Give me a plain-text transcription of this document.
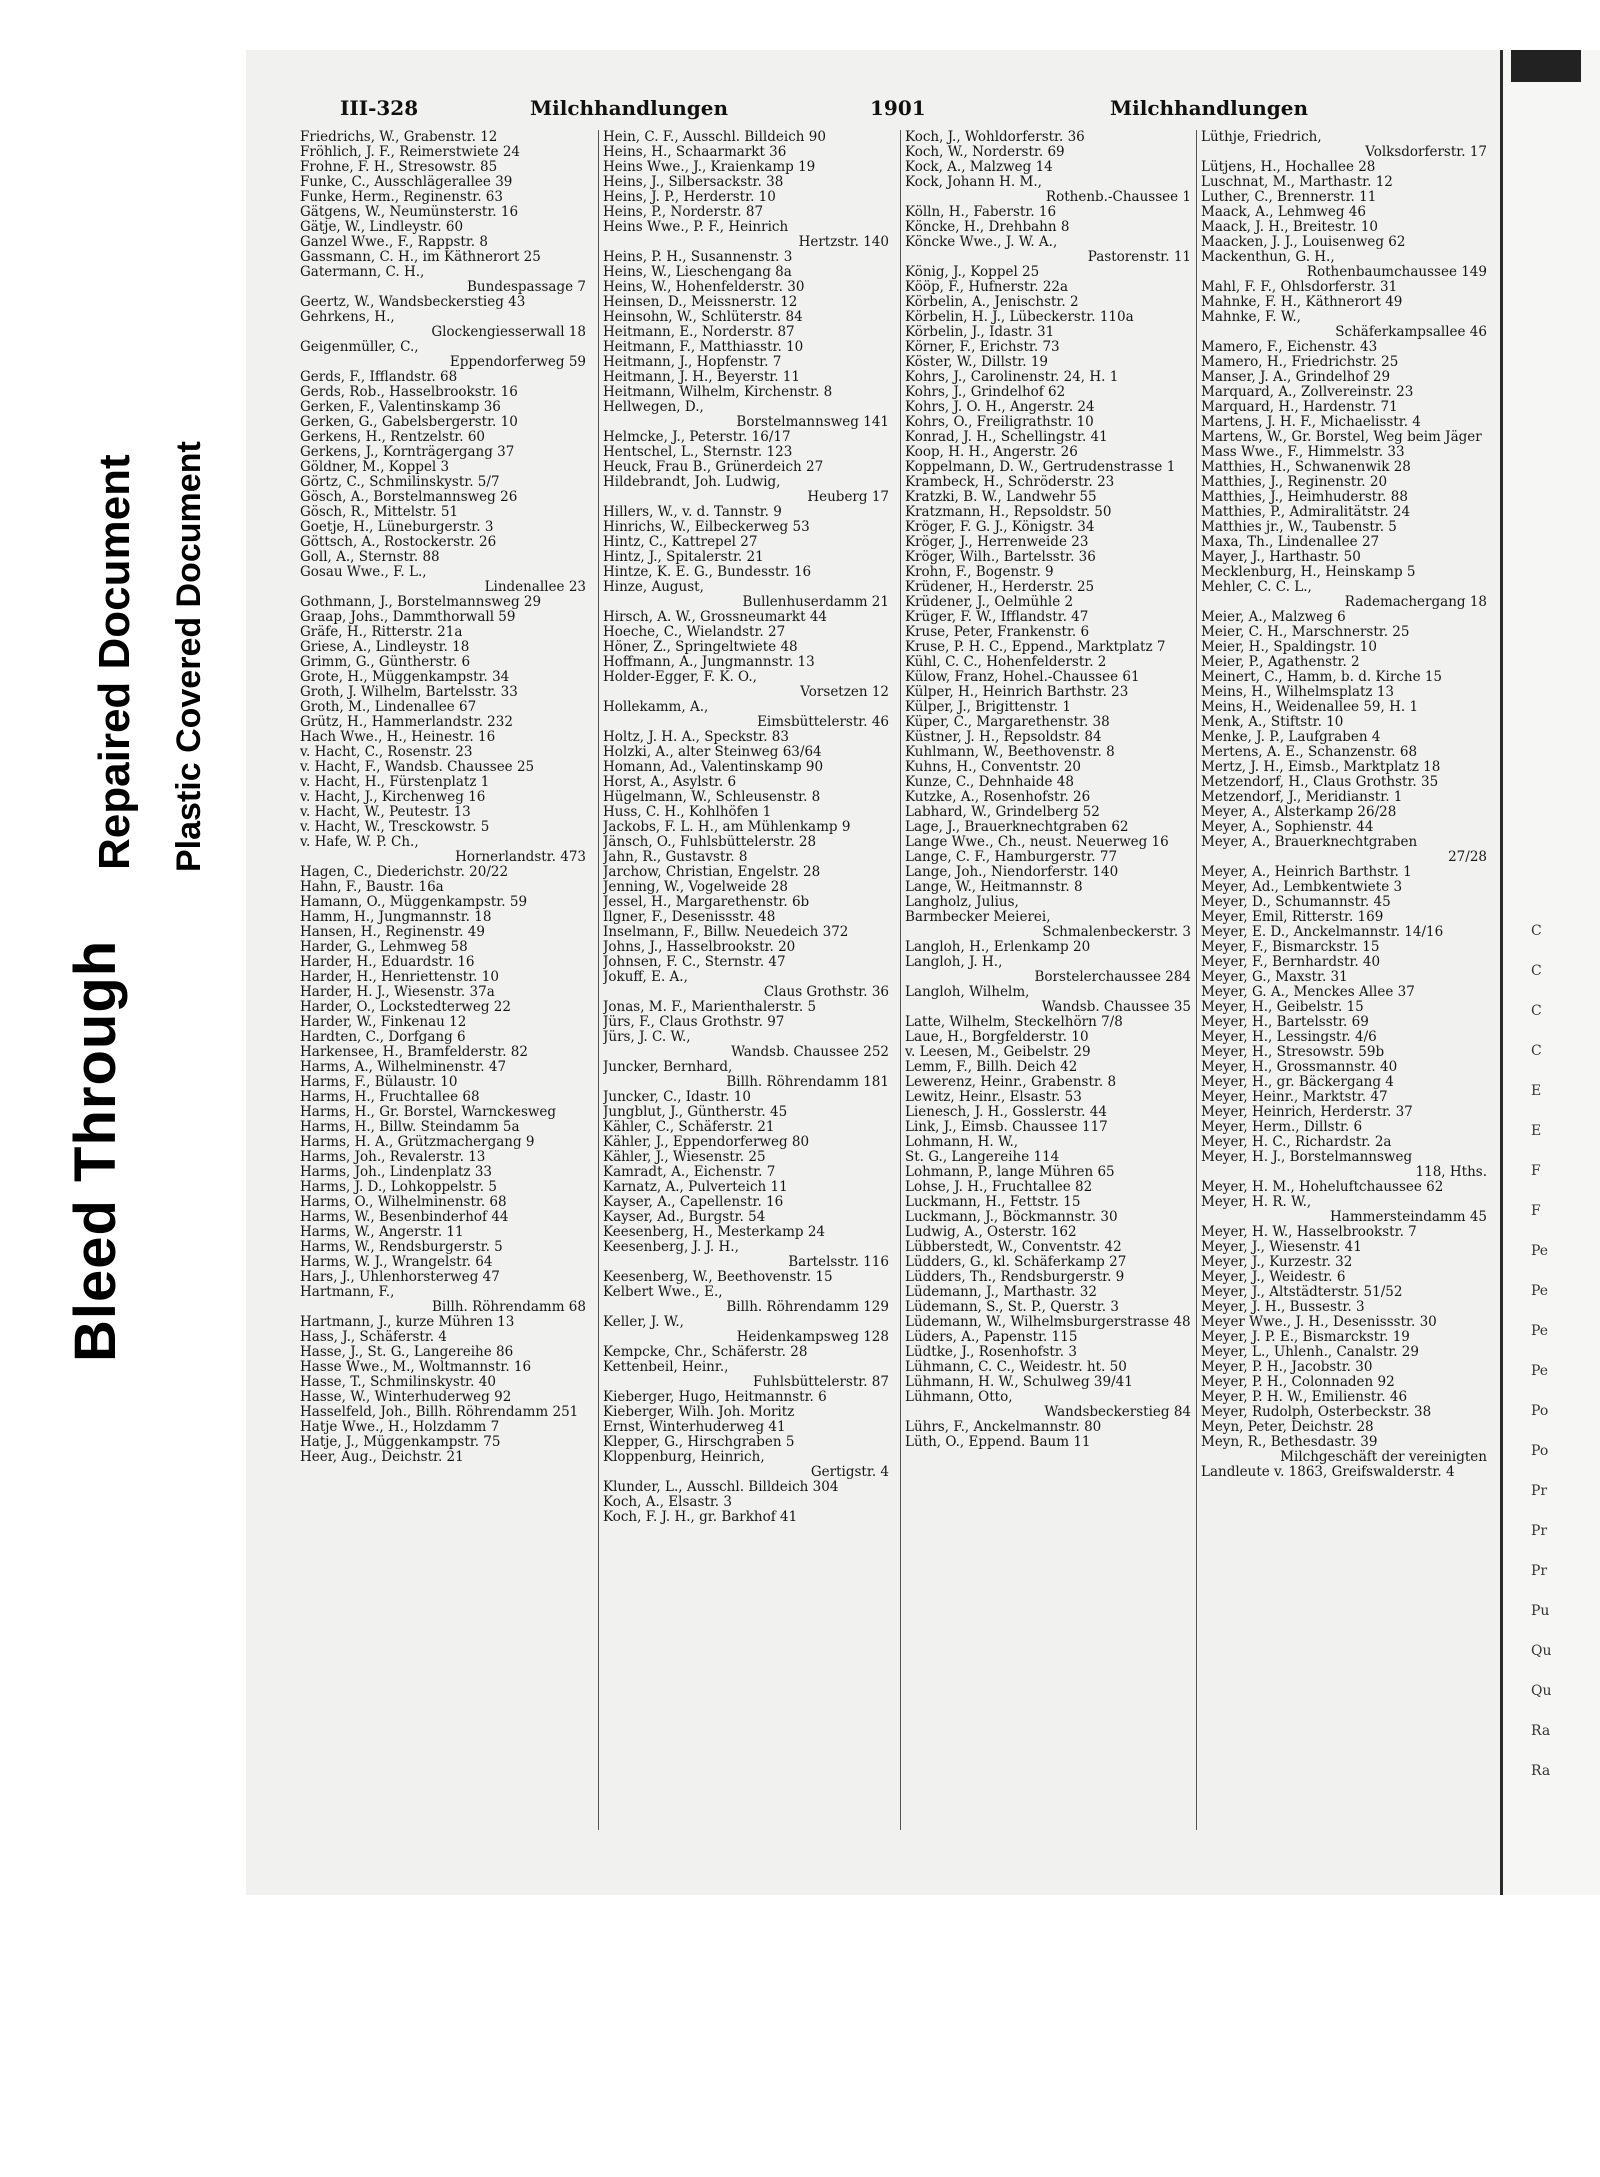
Bleed Through
Repaired Document Plastic Covered Document
C
C
C
C
E
E
F
F
Pe
Pe
Pe
Pe
Po
Po
Pr
Pr
Pr
Pu
Qu
Qu
Ra
Ra
III-328	Milchhandlungen	1901	Milchhandlungen
Friedrichs, W., Grabenstr. 12
Fröhlich, J. F., Reimerstwiete 24
Frohne, F. H., Stresowstr. 85
Funke, C., Ausschlägerallee 39
Funke, Herm., Reginenstr. 63
Gätgens, W., Neumünsterstr. 16
Gätje, W., Lindleystr. 60
Ganzel Wwe., F., Rappstr. 8
Gassmann, C. H., im Käthnerort 25
Gatermann, C. H.,
Bundespassage 7
Geertz, W., Wandsbeckerstieg 43
Gehrkens, H.,
Glockengiesserwall 18
Geigenmüller, C.,
Eppendorferweg 59
Gerds, F., Ifflandstr. 68
Gerds, Rob., Hasselbrookstr. 16
Gerken, F., Valentinskamp 36
Gerken, G., Gabelsbergerstr. 10
Gerkens, H., Rentzelstr. 60
Gerkens, J., Kornträgergang 37
Göldner, M., Koppel 3
Görtz, C., Schmilinskystr. 5/7
Gösch, A., Borstelmannsweg 26
Gösch, R., Mittelstr. 51
Goetje, H., Lüneburgerstr. 3
Göttsch, A., Rostockerstr. 26
Goll, A., Sternstr. 88
Gosau Wwe., F. L.,
Lindenallee 23
Gothmann, J., Borstelmannsweg 29
Graap, Johs., Dammthorwall 59
Gräfe, H., Ritterstr. 21a
Griese, A., Lindleystr. 18
Grimm, G., Güntherstr. 6
Grote, H., Müggenkampstr. 34
Groth, J. Wilhelm, Bartelsstr. 33
Groth, M., Lindenallee 67
Grütz, H., Hammerlandstr. 232
Hach Wwe., H., Heinestr. 16
v. Hacht, C., Rosenstr. 23
v. Hacht, F., Wandsb. Chaussee 25
v. Hacht, H., Fürstenplatz 1
v. Hacht, J., Kirchenweg 16
v. Hacht, W., Peutestr. 13
v. Hacht, W., Tresckowstr. 5
v. Hafe, W. P. Ch.,
Hornerlandstr. 473
Hagen, C., Diederichstr. 20/22
Hahn, F., Baustr. 16a
Hamann, O., Müggenkampstr. 59
Hamm, H., Jungmannstr. 18
Hansen, H., Reginenstr. 49
Harder, G., Lehmweg 58
Harder, H., Eduardstr. 16
Harder, H., Henriettenstr. 10
Harder, H. J., Wiesenstr. 37a
Harder, O., Lockstedterweg 22
Harder, W., Finkenau 12
Hardten, C., Dorfgang 6
Harkensee, H., Bramfelderstr. 82
Harms, A., Wilhelminenstr. 47
Harms, F., Bülaustr. 10
Harms, H., Fruchtallee 68
Harms, H., Gr. Borstel, Warnckesweg
Harms, H., Billw. Steindamm 5a
Harms, H. A., Grützmachergang 9
Harms, Joh., Revalerstr. 13
Harms, Joh., Lindenplatz 33
Harms, J. D., Lohkoppelstr. 5
Harms, O., Wilhelminenstr. 68
Harms, W., Besenbinderhof 44
Harms, W., Angerstr. 11
Harms, W., Rendsburgerstr. 5
Harms, W. J., Wrangelstr. 64
Hars, J., Uhlenhorsterweg 47
Hartmann, F.,
Billh. Röhrendamm 68
Hartmann, J., kurze Mühren 13
Hass, J., Schäferstr. 4
Hasse, J., St. G., Langereihe 86
Hasse Wwe., M., Woltmannstr. 16
Hasse, T., Schmilinskystr. 40
Hasse, W., Winterhuderweg 92
Hasselfeld, Joh., Billh. Röhrendamm 251
Hatje Wwe., H., Holzdamm 7
Hatje, J., Müggenkampstr. 75
Heer, Aug., Deichstr. 21
Hein, C. F., Ausschl. Billdeich 90
Heins, H., Schaarmarkt 36
Heins Wwe., J., Kraienkamp 19
Heins, J., Silbersackstr. 38
Heins, J. P., Herderstr. 10
Heins, P., Norderstr. 87
Heins Wwe., P. F., Heinrich
Hertzstr. 140
Heins, P. H., Susannenstr. 3
Heins, W., Lieschengang 8a
Heins, W., Hohenfelderstr. 30
Heinsen, D., Meissnerstr. 12
Heinsohn, W., Schlüterstr. 84
Heitmann, E., Norderstr. 87
Heitmann, F., Matthiasstr. 10
Heitmann, J., Hopfenstr. 7
Heitmann, J. H., Beyerstr. 11
Heitmann, Wilhelm, Kirchenstr. 8
Hellwegen, D.,
Borstelmannsweg 141
Helmcke, J., Peterstr. 16/17
Hentschel, L., Sternstr. 123
Heuck, Frau B., Grünerdeich 27
Hildebrandt, Joh. Ludwig,
Heuberg 17
Hillers, W., v. d. Tannstr. 9
Hinrichs, W., Eilbeckerweg 53
Hintz, C., Kattrepel 27
Hintz, J., Spitalerstr. 21
Hintze, K. E. G., Bundesstr. 16
Hinze, August,
Bullenhuserdamm 21
Hirsch, A. W., Grossneumarkt 44
Hoeche, C., Wielandstr. 27
Höner, Z., Springeltwiete 48
Hoffmann, A., Jungmannstr. 13
Holder-Egger, F. K. O.,
Vorsetzen 12
Hollekamm, A.,
Eimsbüttelerstr. 46
Holtz, J. H. A., Speckstr. 83
Holzki, A., alter Steinweg 63/64
Homann, Ad., Valentinskamp 90
Horst, A., Asylstr. 6
Hügelmann, W., Schleusenstr. 8
Huss, C. H., Kohlhöfen 1
Jackobs, F. L. H., am Mühlenkamp 9
Jänsch, O., Fuhlsbüttelerstr. 28
Jahn, R., Gustavstr. 8
Jarchow, Christian, Engelstr. 28
Jenning, W., Vogelweide 28
Jessel, H., Margarethenstr. 6b
Ilgner, F., Desenissstr. 48
Inselmann, F., Billw. Neuedeich 372
Johns, J., Hasselbrookstr. 20
Johnsen, F. C., Sternstr. 47
Jokuff, E. A.,
Claus Grothstr. 36
Jonas, M. F., Marienthalerstr. 5
Jürs, F., Claus Grothstr. 97
Jürs, J. C. W.,
Wandsb. Chaussee 252
Juncker, Bernhard,
Billh. Röhrendamm 181
Juncker, C., Idastr. 10
Jungblut, J., Güntherstr. 45
Kähler, C., Schäferstr. 21
Kähler, J., Eppendorferweg 80
Kähler, J., Wiesenstr. 25
Kamradt, A., Eichenstr. 7
Karnatz, A., Pulverteich 11
Kayser, A., Capellenstr. 16
Kayser, Ad., Burgstr. 54
Keesenberg, H., Mesterkamp 24
Keesenberg, J. J. H.,
Bartelsstr. 116
Keesenberg, W., Beethovenstr. 15
Kelbert Wwe., E.,
Billh. Röhrendamm 129
Keller, J. W.,
Heidenkampsweg 128
Kempcke, Chr., Schäferstr. 28
Kettenbeil, Heinr.,
Fuhlsbüttelerstr. 87
Kieberger, Hugo, Heitmannstr. 6
Kieberger, Wilh. Joh. Moritz
Ernst, Winterhuderweg 41
Klepper, G., Hirschgraben 5
Kloppenburg, Heinrich,
Gertigstr. 4
Klunder, L., Ausschl. Billdeich 304
Koch, A., Elsastr. 3
Koch, F. J. H., gr. Barkhof 41
Koch, J., Wohldorferstr. 36
Koch, W., Norderstr. 69
Kock, A., Malzweg 14
Kock, Johann H. M.,
Rothenb.-Chaussee 1
Kölln, H., Faberstr. 16
Köncke, H., Drehbahn 8
Köncke Wwe., J. W. A.,
Pastorenstr. 11
König, J., Koppel 25
Kööp, F., Hufnerstr. 22a
Körbelin, A., Jenischstr. 2
Körbelin, H. J., Lübeckerstr. 110a
Körbelin, J., Idastr. 31
Körner, F., Erichstr. 73
Köster, W., Dillstr. 19
Kohrs, J., Carolinenstr. 24, H. 1
Kohrs, J., Grindelhof 62
Kohrs, J. O. H., Angerstr. 24
Kohrs, O., Freiligrathstr. 10
Konrad, J. H., Schellingstr. 41
Koop, H. H., Angerstr. 26
Koppelmann, D. W., Gertrudenstrasse 1
Krambeck, H., Schröderstr. 23
Kratzki, B. W., Landwehr 55
Kratzmann, H., Repsoldstr. 50
Kröger, F. G. J., Königstr. 34
Kröger, J., Herrenweide 23
Kröger, Wilh., Bartelsstr. 36
Krohn, F., Bogenstr. 9
Krüdener, H., Herderstr. 25
Krüdener, J., Oelmühle 2
Krüger, F. W., Ifflandstr. 47
Kruse, Peter, Frankenstr. 6
Kruse, P. H. C., Eppend., Marktplatz 7
Kühl, C. C., Hohenfelderstr. 2
Külow, Franz, Hohel.-Chaussee 61
Külper, H., Heinrich Barthstr. 23
Külper, J., Brigittenstr. 1
Küper, C., Margarethenstr. 38
Küstner, J. H., Repsoldstr. 84
Kuhlmann, W., Beethovenstr. 8
Kuhns, H., Conventstr. 20
Kunze, C., Dehnhaide 48
Kutzke, A., Rosenhofstr. 26
Labhard, W., Grindelberg 52
Lage, J., Brauerknechtgraben 62
Lange Wwe., Ch., neust. Neuerweg 16
Lange, C. F., Hamburgerstr. 77
Lange, Joh., Niendorferstr. 140
Lange, W., Heitmannstr. 8
Langholz, Julius,
Barmbecker Meierei,
Schmalenbeckerstr. 3
Langloh, H., Erlenkamp 20
Langloh, J. H.,
Borstelerchaussee 284
Langloh, Wilhelm,
Wandsb. Chaussee 35
Latte, Wilhelm, Steckelhörn 7/8
Laue, H., Borgfelderstr. 10
v. Leesen, M., Geibelstr. 29
Lemm, F., Billh. Deich 42
Lewerenz, Heinr., Grabenstr. 8
Lewitz, Heinr., Elsastr. 53
Lienesch, J. H., Gosslerstr. 44
Link, J., Eimsb. Chaussee 117
Lohmann, H. W.,
St. G., Langereihe 114
Lohmann, P., lange Mühren 65
Lohse, J. H., Fruchtallee 82
Luckmann, H., Fettstr. 15
Luckmann, J., Böckmannstr. 30
Ludwig, A., Osterstr. 162
Lübberstedt, W., Conventstr. 42
Lüdders, G., kl. Schäferkamp 27
Lüdders, Th., Rendsburgerstr. 9
Lüdemann, J., Marthastr. 32
Lüdemann, S., St. P., Querstr. 3
Lüdemann, W., Wilhelmsburgerstrasse 48
Lüders, A., Papenstr. 115
Lüdtke, J., Rosenhofstr. 3
Lühmann, C. C., Weidestr. ht. 50
Lühmann, H. W., Schulweg 39/41
Lühmann, Otto,
Wandsbeckerstieg 84
Lührs, F., Anckelmannstr. 80
Lüth, O., Eppend. Baum 11
Lüthje, Friedrich,
Volksdorferstr. 17
Lütjens, H., Hochallee 28
Luschnat, M., Marthastr. 12
Luther, C., Brennerstr. 11
Maack, A., Lehmweg 46
Maack, J. H., Breitestr. 10
Maacken, J. J., Louisenweg 62
Mackenthun, G. H.,
Rothenbaumchaussee 149
Mahl, F. F., Ohlsdorferstr. 31
Mahnke, F. H., Käthnerort 49
Mahnke, F. W.,
Schäferkampsallee 46
Mamero, F., Eichenstr. 43
Mamero, H., Friedrichstr. 25
Manser, J. A., Grindelhof 29
Marquard, A., Zollvereinstr. 23
Marquard, H., Hardenstr. 71
Martens, J. H. F., Michaelisstr. 4
Martens, W., Gr. Borstel, Weg beim Jäger
Mass Wwe., F., Himmelstr. 33
Matthies, H., Schwanenwik 28
Matthies, J., Reginenstr. 20
Matthies, J., Heimhuderstr. 88
Matthies, P., Admiralitätstr. 24
Matthies jr., W., Taubenstr. 5
Maxa, Th., Lindenallee 27
Mayer, J., Harthastr. 50
Mecklenburg, H., Heinskamp 5
Mehler, C. C. L.,
Rademachergang 18
Meier, A., Malzweg 6
Meier, C. H., Marschnerstr. 25
Meier, H., Spaldingstr. 10
Meier, P., Agathenstr. 2
Meinert, C., Hamm, b. d. Kirche 15
Meins, H., Wilhelmsplatz 13
Meins, H., Weidenallee 59, H. 1
Menk, A., Stiftstr. 10
Menke, J. P., Laufgraben 4
Mertens, A. E., Schanzenstr. 68
Mertz, J. H., Eimsb., Marktplatz 18
Metzendorf, H., Claus Grothstr. 35
Metzendorf, J., Meridianstr. 1
Meyer, A., Alsterkamp 26/28
Meyer, A., Sophienstr. 44
Meyer, A., Brauerknechtgraben
27/28
Meyer, A., Heinrich Barthstr. 1
Meyer, Ad., Lembkentwiete 3
Meyer, D., Schumannstr. 45
Meyer, Emil, Ritterstr. 169
Meyer, E. D., Anckelmannstr. 14/16
Meyer, F., Bismarckstr. 15
Meyer, F., Bernhardstr. 40
Meyer, G., Maxstr. 31
Meyer, G. A., Menckes Allee 37
Meyer, H., Geibelstr. 15
Meyer, H., Bartelsstr. 69
Meyer, H., Lessingstr. 4/6
Meyer, H., Stresowstr. 59b
Meyer, H., Grossmannstr. 40
Meyer, H., gr. Bäckergang 4
Meyer, Heinr., Marktstr. 47
Meyer, Heinrich, Herderstr. 37
Meyer, Herm., Dillstr. 6
Meyer, H. C., Richardstr. 2a
Meyer, H. J., Borstelmannsweg
118, Hths.
Meyer, H. M., Hoheluftchaussee 62
Meyer, H. R. W.,
Hammersteindamm 45
Meyer, H. W., Hasselbrookstr. 7
Meyer, J., Wiesenstr. 41
Meyer, J., Kurzestr. 32
Meyer, J., Weidestr. 6
Meyer, J., Altstädterstr. 51/52
Meyer, J. H., Bussestr. 3
Meyer Wwe., J. H., Desenissstr. 30
Meyer, J. P. E., Bismarckstr. 19
Meyer, L., Uhlenh., Canalstr. 29
Meyer, P. H., Jacobstr. 30
Meyer, P. H., Colonnaden 92
Meyer, P. H. W., Emilienstr. 46
Meyer, Rudolph, Osterbeckstr. 38
Meyn, Peter, Deichstr. 28
Meyn, R., Bethesdastr. 39
Milchgeschäft der vereinigten
Landleute v. 1863, Greifswalderstr. 4
